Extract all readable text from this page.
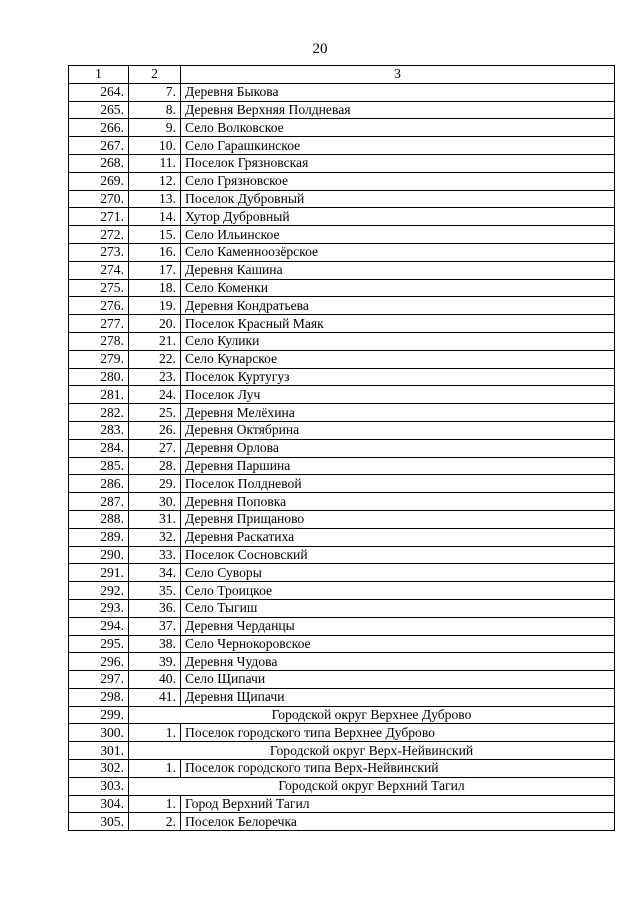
20
1	2	3
264.	7.	Деревня Быкова
265.	8.	Деревня Верхняя Полдневая
266.	9.	Село Волковское
267.	10.	Село Гарашкинское
268.	11.	Поселок Грязновская
269.	12.	Село Грязновское
270.	13.	Поселок Дубровный
271.	14.	Хутор Дубровный
272.	15.	Село Ильинское
273.	16.	Село Каменноозёрское
274.	17.	Деревня Кашина
275.	18.	Село Коменки
276.	19.	Деревня Кондратьева
277.	20.	Поселок Красный Маяк
278.	21.	Село Кулики
279.	22.	Село Кунарское
280.	23.	Поселок Куртугуз
281.	24.	Поселок Луч
282.	25.	Деревня Мелёхина
283.	26.	Деревня Октябрина
284.	27.	Деревня Орлова
285.	28.	Деревня Паршина
286.	29.	Поселок Полдневой
287.	30.	Деревня Поповка
288.	31.	Деревня Прищаново
289.	32.	Деревня Раскатиха
290.	33.	Поселок Сосновский
291.	34.	Село Суворы
292.	35.	Село Троицкое
293.	36.	Село Тыгиш
294.	37.	Деревня Черданцы
295.	38.	Село Чернокоровское
296.	39.	Деревня Чудова
297.	40.	Село Щипачи
298.	41.	Деревня Щипачи
299.	Городской округ Верхнее Дуброво	
300.	1.	Поселок городского типа Верхнее Дуброво
301.	Городской округ Верх-Нейвинский	
302.	1.	Поселок городского типа Верх-Нейвинский
303.	Городской округ Верхний Тагил	
304.	1.	Город Верхний Тагил
305.	2.	Поселок Белоречка
